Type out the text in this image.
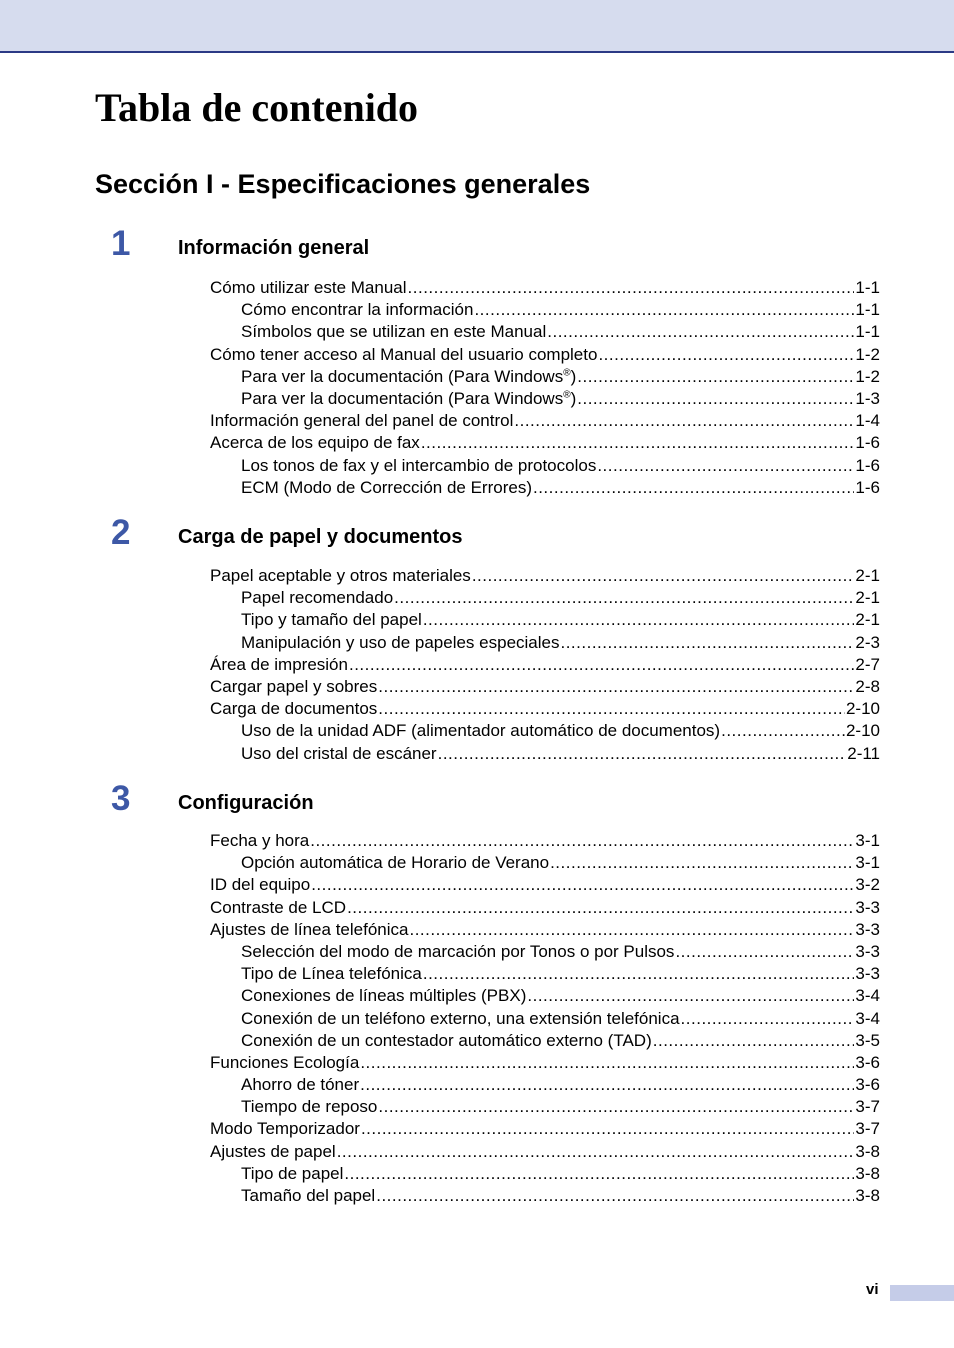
Tabla de contenido
Sección I - Especificaciones generales
1 Información general
Cómo utilizar este Manual .....	1-1
Cómo encontrar la información .....	1-1
Símbolos que se utilizan en este Manual .....	1-1
Cómo tener acceso al Manual del usuario completo .....	1-2
Para ver la documentación (Para Windows®) .....	1-2
Para ver la documentación (Para Windows®) .....	1-3
Información general del panel de control .....	1-4
Acerca de los equipo de fax .....	1-6
Los tonos de fax y el intercambio de protocolos .....	1-6
ECM (Modo de Corrección de Errores) .....	1-6
2 Carga de papel y documentos
Papel aceptable y otros materiales .....	2-1
Papel recomendado .....	2-1
Tipo y tamaño del papel .....	2-1
Manipulación y uso de papeles especiales .....	2-3
Área de impresión .....	2-7
Cargar papel y sobres .....	2-8
Carga de documentos .....	2-10
Uso de la unidad ADF (alimentador automático de documentos) .....	2-10
Uso del cristal de escáner .....	2-11
3 Configuración
Fecha y hora .....	3-1
Opción automática de Horario de Verano .....	3-1
ID del equipo .....	3-2
Contraste de LCD .....	3-3
Ajustes de línea telefónica .....	3-3
Selección del modo de marcación por Tonos o por Pulsos .....	3-3
Tipo de Línea telefónica .....	3-3
Conexiones de líneas múltiples (PBX) .....	3-4
Conexión de un teléfono externo, una extensión telefónica .....	3-4
Conexión de un contestador automático externo (TAD) .....	3-5
Funciones Ecología .....	3-6
Ahorro de tóner .....	3-6
Tiempo de reposo .....	3-7
Modo Temporizador .....	3-7
Ajustes de papel .....	3-8
Tipo de papel .....	3-8
Tamaño del papel .....	3-8
vi
